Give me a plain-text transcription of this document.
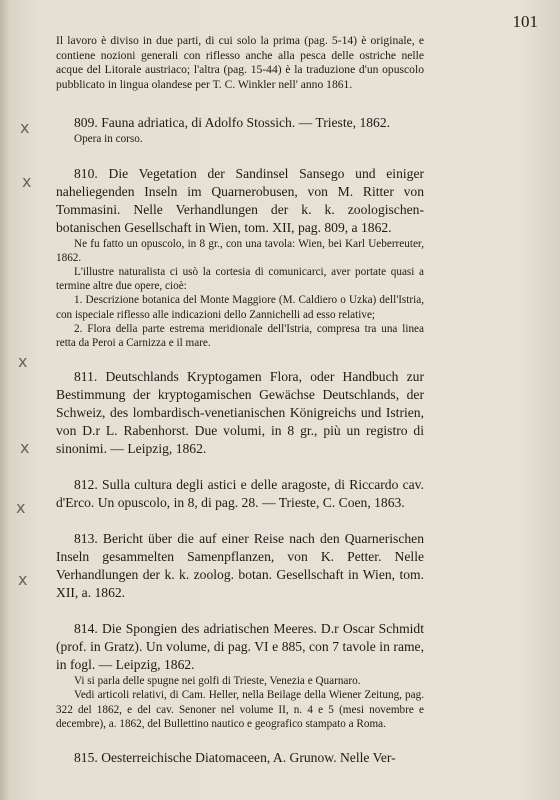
101
x
x
x
x
x
x

Il lavoro è diviso in due parti, di cui solo la prima (pag. 5-14) è originale, e contiene nozioni generali con riflesso anche alla pesca delle ostriche nelle acque del Litorale austriaco; l'altra (pag. 15-44) è la traduzione d'un opuscolo pubblicato in lingua olandese per T. C. Winkler nell' anno 1861.

809. Fauna adriatica, di Adolfo Stossich. — Trieste, 1862.

Opera in corso.

810. Die Vegetation der Sandinsel Sansego und einiger naheliegenden Inseln im Quarnerobusen, von M. Ritter von Tommasini. Nelle Verhandlungen der k. k. zoologischen-botanischen Gesellschaft in Wien, tom. XII, pag. 809, a 1862.

Ne fu fatto un opuscolo, in 8 gr., con una tavola: Wien, bei Karl Ueberreuter, 1862.

L'illustre naturalista ci usò la cortesia di comunicarci, aver portate quasi a termine altre due opere, cioè:

1. Descrizione botanica del Monte Maggiore (M. Caldiero o Uzka) dell'Istria, con ispeciale riflesso alle indicazioni dello Zannichelli ad esso relative;

2. Flora della parte estrema meridionale dell'Istria, compresa tra una linea retta da Peroi a Carnizza e il mare.

811. Deutschlands Kryptogamen Flora, oder Handbuch zur Bestimmung der kryptogamischen Gewächse Deutschlands, der Schweiz, des lombardisch-venetianischen Königreichs und Istrien, von D.r L. Rabenhorst. Due volumi, in 8 gr., più un registro di sinonimi. — Leipzig, 1862.

812. Sulla cultura degli astici e delle aragoste, di Riccardo cav. d'Erco. Un opuscolo, in 8, di pag. 28. — Trieste, C. Coen, 1863.

813. Bericht über die auf einer Reise nach den Quarnerischen Inseln gesammelten Samenpflanzen, von K. Petter. Nelle Verhandlungen der k. k. zoolog. botan. Gesellschaft in Wien, tom. XII, a. 1862.

814. Die Spongien des adriatischen Meeres. D.r Oscar Schmidt (prof. in Gratz). Un volume, di pag. VI e 885, con 7 tavole in rame, in fogl. — Leipzig, 1862.

Vi si parla delle spugne nei golfi di Trieste, Venezia e Quarnaro.

Vedi articoli relativi, di Cam. Heller, nella Beilage della Wiener Zeitung, pag. 322 del 1862, e del cav. Senoner nel volume II, n. 4 e 5 (mesi novembre e decembre), a. 1862, del Bullettino nautico e geografico stampato a Roma.

815. Oesterreichische Diatomaceen, A. Grunow. Nelle Ver-
